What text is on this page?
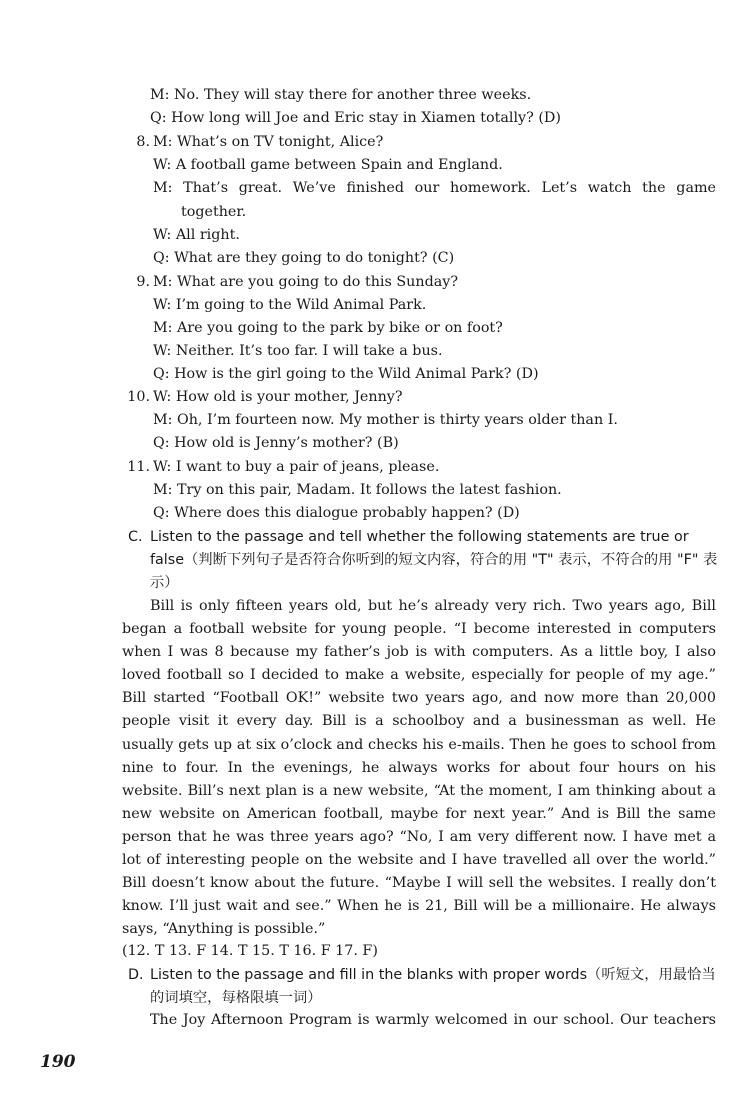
M: No. They will stay there for another three weeks.
Q: How long will Joe and Eric stay in Xiamen totally? (D)
8. M: What’s on TV tonight, Alice?
W: A football game between Spain and England.
M: That’s great. We’ve finished our homework. Let’s watch the game
together.
W: All right.
Q: What are they going to do tonight? (C)
9. M: What are you going to do this Sunday?
W: I’m going to the Wild Animal Park.
M: Are you going to the park by bike or on foot?
W: Neither. It’s too far. I will take a bus.
Q: How is the girl going to the Wild Animal Park? (D)
10. W: How old is your mother, Jenny?
M: Oh, I’m fourteen now. My mother is thirty years older than I.
Q: How old is Jenny’s mother? (B)
11. W: I want to buy a pair of jeans, please.
M: Try on this pair, Madam. It follows the latest fashion.
Q: Where does this dialogue probably happen? (D)
C. Listen to the passage and tell whether the following statements are true or false（判断下列句子是否符合你听到的短文内容，符合的用 "T" 表示，不符合的用 "F" 表示）
Bill is only fifteen years old, but he’s already very rich. Two years ago, Bill began a football website for young people. “I become interested in computers when I was 8 because my father’s job is with computers. As a little boy, I also loved football so I decided to make a website, especially for people of my age.” Bill started “Football OK!” website two years ago, and now more than 20,000 people visit it every day. Bill is a schoolboy and a businessman as well. He usually gets up at six o’clock and checks his e-mails. Then he goes to school from nine to four. In the evenings, he always works for about four hours on his website. Bill’s next plan is a new website, “At the moment, I am thinking about a new website on American football, maybe for next year.” And is Bill the same person that he was three years ago? “No, I am very different now. I have met a lot of interesting people on the website and I have travelled all over the world.” Bill doesn’t know about the future. “Maybe I will sell the websites. I really don’t know. I’ll just wait and see.” When he is 21, Bill will be a millionaire. He always says, “Anything is possible.”
(12. T 13. F 14. T 15. T 16. F 17. F)
D. Listen to the passage and fill in the blanks with proper words（听短文，用最恰当的词填空，每格限填一词）
The Joy Afternoon Program is warmly welcomed in our school. Our teachers
190
